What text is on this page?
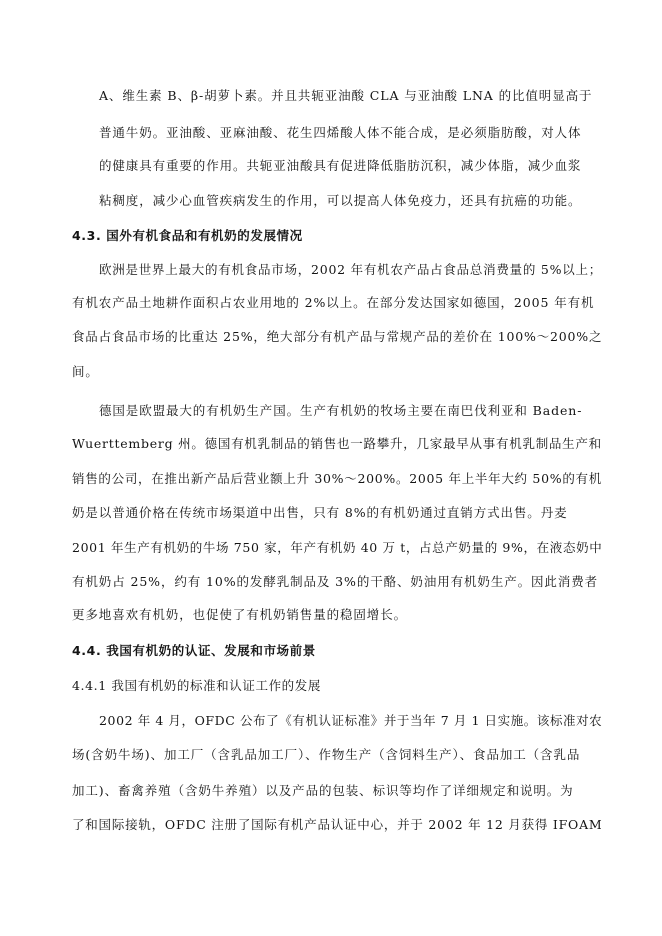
A、维生素 B、β-胡萝卜素。并且共轭亚油酸 CLA 与亚油酸 LNA 的比值明显高于
普通牛奶。亚油酸、亚麻油酸、花生四烯酸人体不能合成，是必须脂肪酸，对人体
的健康具有重要的作用。共轭亚油酸具有促进降低脂肪沉积，减少体脂，减少血浆
粘稠度，减少心血管疾病发生的作用，可以提高人体免疫力，还具有抗癌的功能。
4.3. 国外有机食品和有机奶的发展情况
欧洲是世界上最大的有机食品市场，2002 年有机农产品占食品总消费量的 5%以上；
有机农产品土地耕作面积占农业用地的 2%以上。在部分发达国家如德国，2005 年有机
食品占食品市场的比重达 25%，绝大部分有机产品与常规产品的差价在 100%～200%之
间。
德国是欧盟最大的有机奶生产国。生产有机奶的牧场主要在南巴伐利亚和 Baden-
Wuerttemberg 州。德国有机乳制品的销售也一路攀升，几家最早从事有机乳制品生产和
销售的公司，在推出新产品后营业额上升 30%～200%。2005 年上半年大约 50%的有机
奶是以普通价格在传统市场渠道中出售，只有 8%的有机奶通过直销方式出售。丹麦
2001 年生产有机奶的牛场 750 家，年产有机奶 40 万 t，占总产奶量的 9%，在液态奶中
有机奶占 25%，约有 10%的发酵乳制品及 3%的干酪、奶油用有机奶生产。因此消费者
更多地喜欢有机奶，也促使了有机奶销售量的稳固增长。
4.4. 我国有机奶的认证、发展和市场前景
4.4.1 我国有机奶的标准和认证工作的发展
2002 年 4 月，OFDC 公布了《有机认证标准》并于当年 7 月 1 日实施。该标准对农
场(含奶牛场)、加工厂（含乳品加工厂）、作物生产（含饲料生产）、食品加工（含乳品
加工)、畜禽养殖（含奶牛养殖）以及产品的包装、标识等均作了详细规定和说明。为
了和国际接轨，OFDC 注册了国际有机产品认证中心，并于 2002 年 12 月获得 IFOAM
